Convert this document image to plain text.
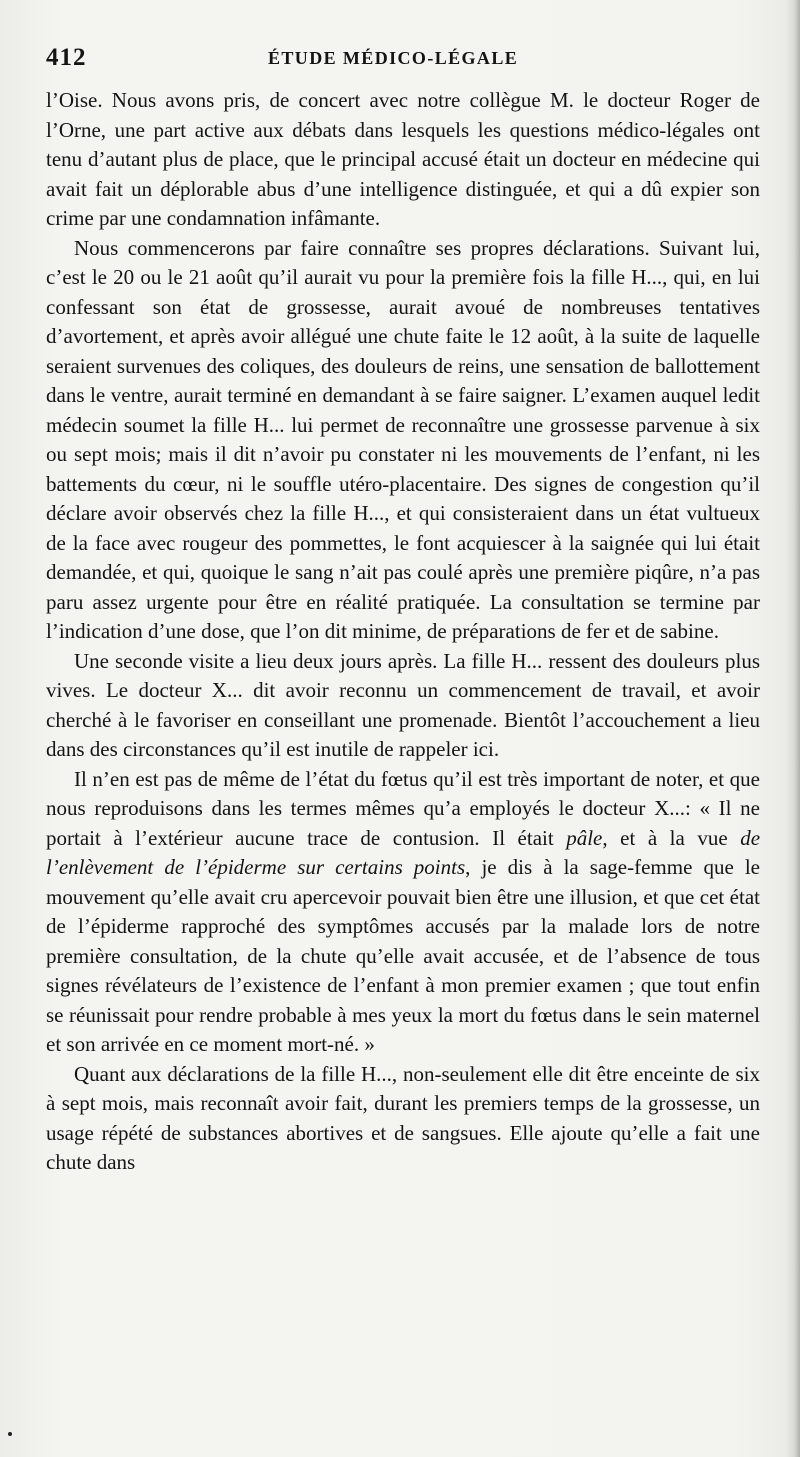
412	ÉTUDE MÉDICO-LÉGALE

l’Oise. Nous avons pris, de concert avec notre collègue M. le docteur Roger de l’Orne, une part active aux débats dans lesquels les questions médico-légales ont tenu d’autant plus de place, que le principal accusé était un docteur en médecine qui avait fait un déplorable abus d’une intelligence distinguée, et qui a dû expier son crime par une condamnation infâmante.

Nous commencerons par faire connaître ses propres déclarations. Suivant lui, c’est le 20 ou le 21 août qu’il aurait vu pour la première fois la fille H..., qui, en lui confessant son état de grossesse, aurait avoué de nombreuses tentatives d’avortement, et après avoir allégué une chute faite le 12 août, à la suite de laquelle seraient survenues des coliques, des douleurs de reins, une sensation de ballottement dans le ventre, aurait terminé en demandant à se faire saigner. L’examen auquel ledit médecin soumet la fille H... lui permet de reconnaître une grossesse parvenue à six ou sept mois; mais il dit n’avoir pu constater ni les mouvements de l’enfant, ni les battements du cœur, ni le souffle utéro-placentaire. Des signes de congestion qu’il déclare avoir observés chez la fille H..., et qui consisteraient dans un état vultueux de la face avec rougeur des pommettes, le font acquiescer à la saignée qui lui était demandée, et qui, quoique le sang n’ait pas coulé après une première piqûre, n’a pas paru assez urgente pour être en réalité pratiquée. La consultation se termine par l’indication d’une dose, que l’on dit minime, de préparations de fer et de sabine.

Une seconde visite a lieu deux jours après. La fille H... ressent des douleurs plus vives. Le docteur X... dit avoir reconnu un commencement de travail, et avoir cherché à le favoriser en conseillant une promenade. Bientôt l’accouchement a lieu dans des circonstances qu’il est inutile de rappeler ici.

Il n’en est pas de même de l’état du fœtus qu’il est très important de noter, et que nous reproduisons dans les termes mêmes qu’a employés le docteur X...: « Il ne portait à l’extérieur aucune trace de contusion. Il était pâle, et à la vue de l’enlèvement de l’épiderme sur certains points, je dis à la sage-femme que le mouvement qu’elle avait cru apercevoir pouvait bien être une illusion, et que cet état de l’épiderme rapproché des symptômes accusés par la malade lors de notre première consultation, de la chute qu’elle avait accusée, et de l’absence de tous signes révélateurs de l’existence de l’enfant à mon premier examen ; que tout enfin se réunissait pour rendre probable à mes yeux la mort du fœtus dans le sein maternel et son arrivée en ce moment mort-né. »

Quant aux déclarations de la fille H..., non-seulement elle dit être enceinte de six à sept mois, mais reconnaît avoir fait, durant les premiers temps de la grossesse, un usage répété de substances abortives et de sangsues. Elle ajoute qu’elle a fait une chute dans
